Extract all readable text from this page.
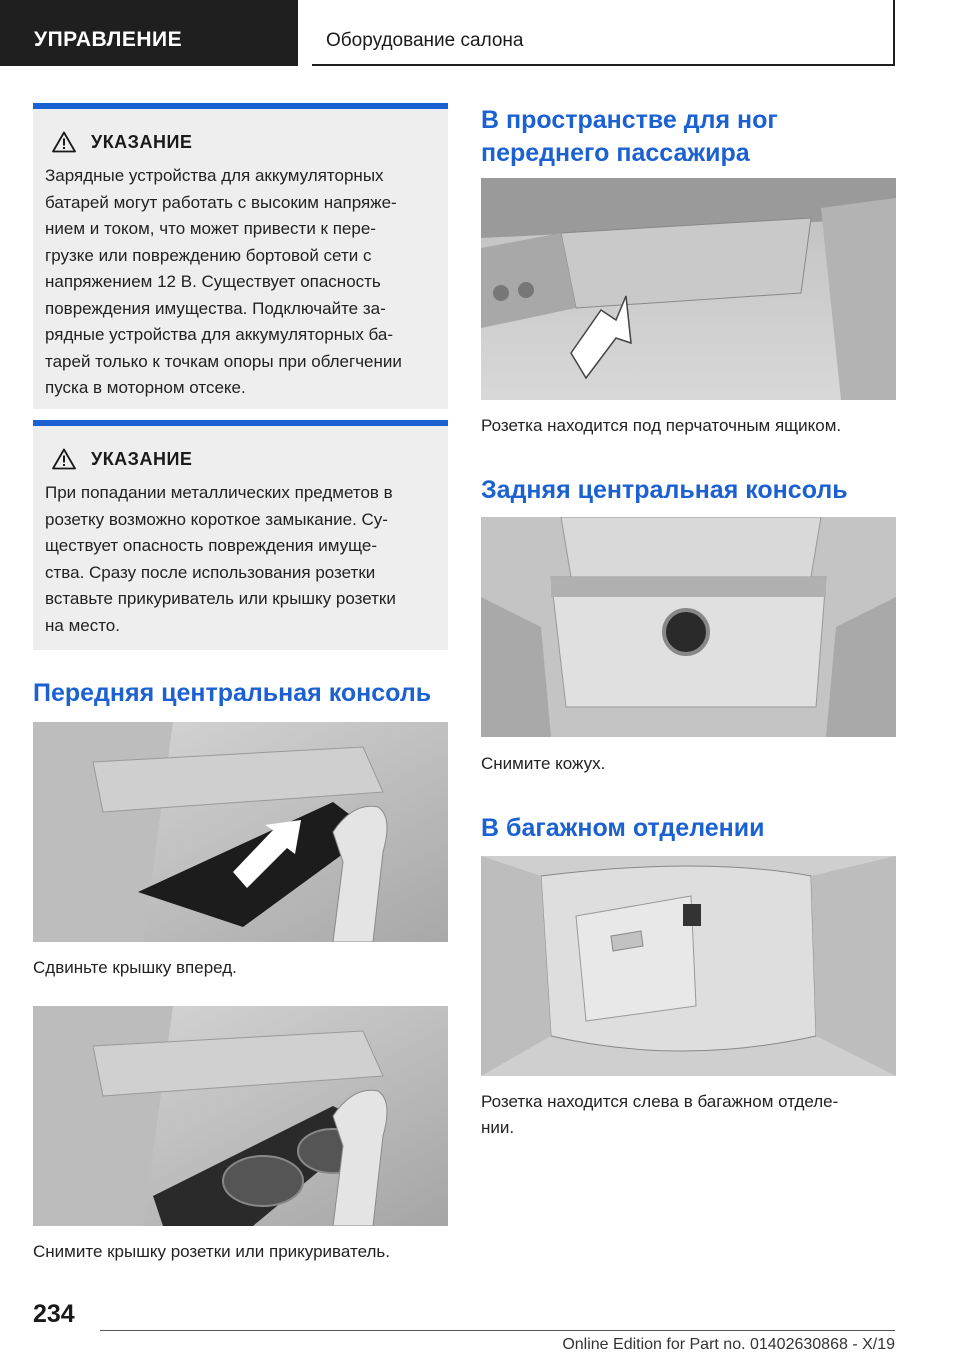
УПРАВЛЕНИЕ	Оборудование салона
УКАЗАНИЕ
Зарядные устройства для аккумуляторных
батарей могут работать с высоким напряже-
нием и током, что может привести к пере-
грузке или повреждению бортовой сети с
напряжением 12 В. Существует опасность
повреждения имущества. Подключайте за-
рядные устройства для аккумуляторных ба-
тарей только к точкам опоры при облегчении
пуска в моторном отсеке.
УКАЗАНИЕ
При попадании металлических предметов в
розетку возможно короткое замыкание. Су-
ществует опасность повреждения имуще-
ства. Сразу после использования розетки
вставьте прикуриватель или крышку розетки
на место.
Передняя центральная консоль
Сдвиньте крышку вперед.
Снимите крышку розетки или прикуриватель.
В пространстве для ног
переднего пассажира
Розетка находится под перчаточным ящиком.
Задняя центральная консоль
Снимите кожух.
В багажном отделении
Розетка находится слева в багажном отделе-
нии.
234
Online Edition for Part no. 01402630868 - X/19
